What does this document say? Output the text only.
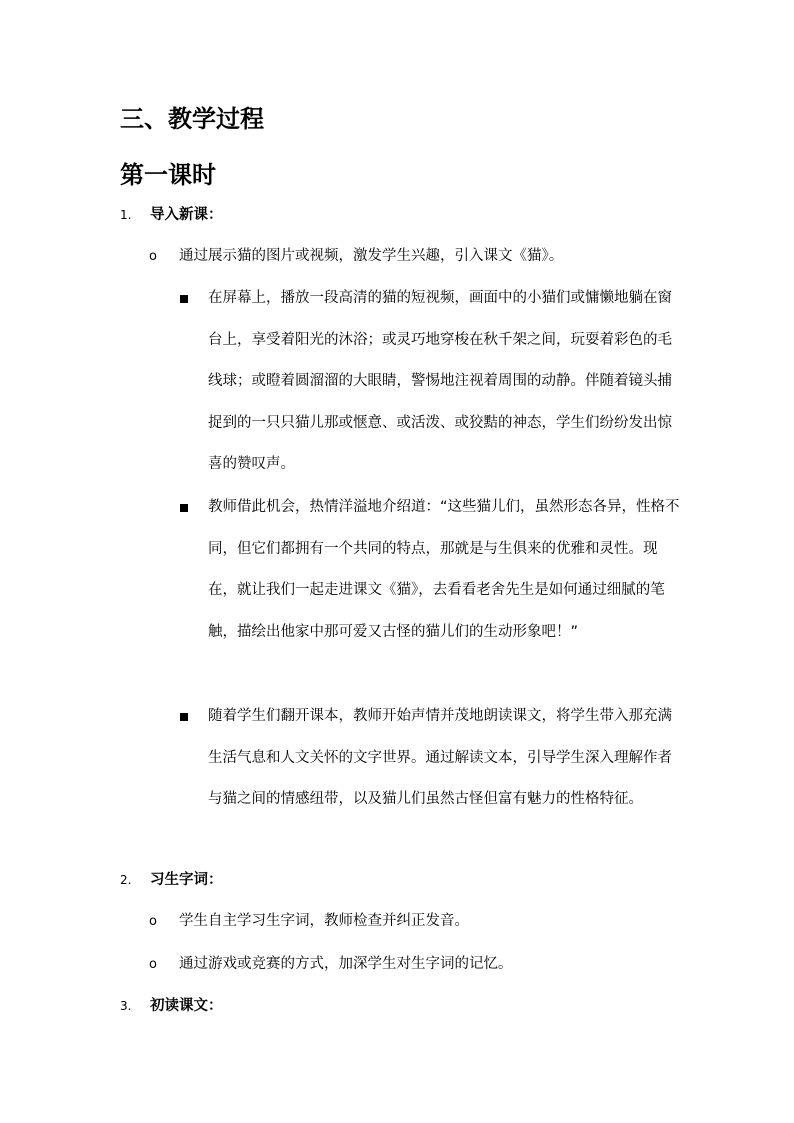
三、教学过程
第一课时
1. 导入新课：
o 通过展示猫的图片或视频，激发学生兴趣，引入课文《猫》。
在屏幕上，播放一段高清的猫的短视频，画面中的小猫们或慵懒地躺在窗台上，享受着阳光的沐浴；或灵巧地穿梭在秋千架之间，玩耍着彩色的毛线球；或瞪着圆溜溜的大眼睛，警惕地注视着周围的动静。伴随着镜头捕捉到的一只只猫儿那或惬意、或活泼、或狡黠的神态，学生们纷纷发出惊喜的赞叹声。
教师借此机会，热情洋溢地介绍道：“这些猫儿们，虽然形态各异，性格不同，但它们都拥有一个共同的特点，那就是与生俱来的优雅和灵性。现在，就让我们一起走进课文《猫》，去看看老舍先生是如何通过细腻的笔触，描绘出他家中那可爱又古怪的猫儿们的生动形象吧！”
随着学生们翻开课本，教师开始声情并茂地朗读课文，将学生带入那充满生活气息和人文关怀的文字世界。通过解读文本，引导学生深入理解作者与猫之间的情感纽带，以及猫儿们虽然古怪但富有魅力的性格特征。
2. 习生字词：
o 学生自主学习生字词，教师检查并纠正发音。
o 通过游戏或竞赛的方式，加深学生对生字词的记忆。
3. 初读课文：
